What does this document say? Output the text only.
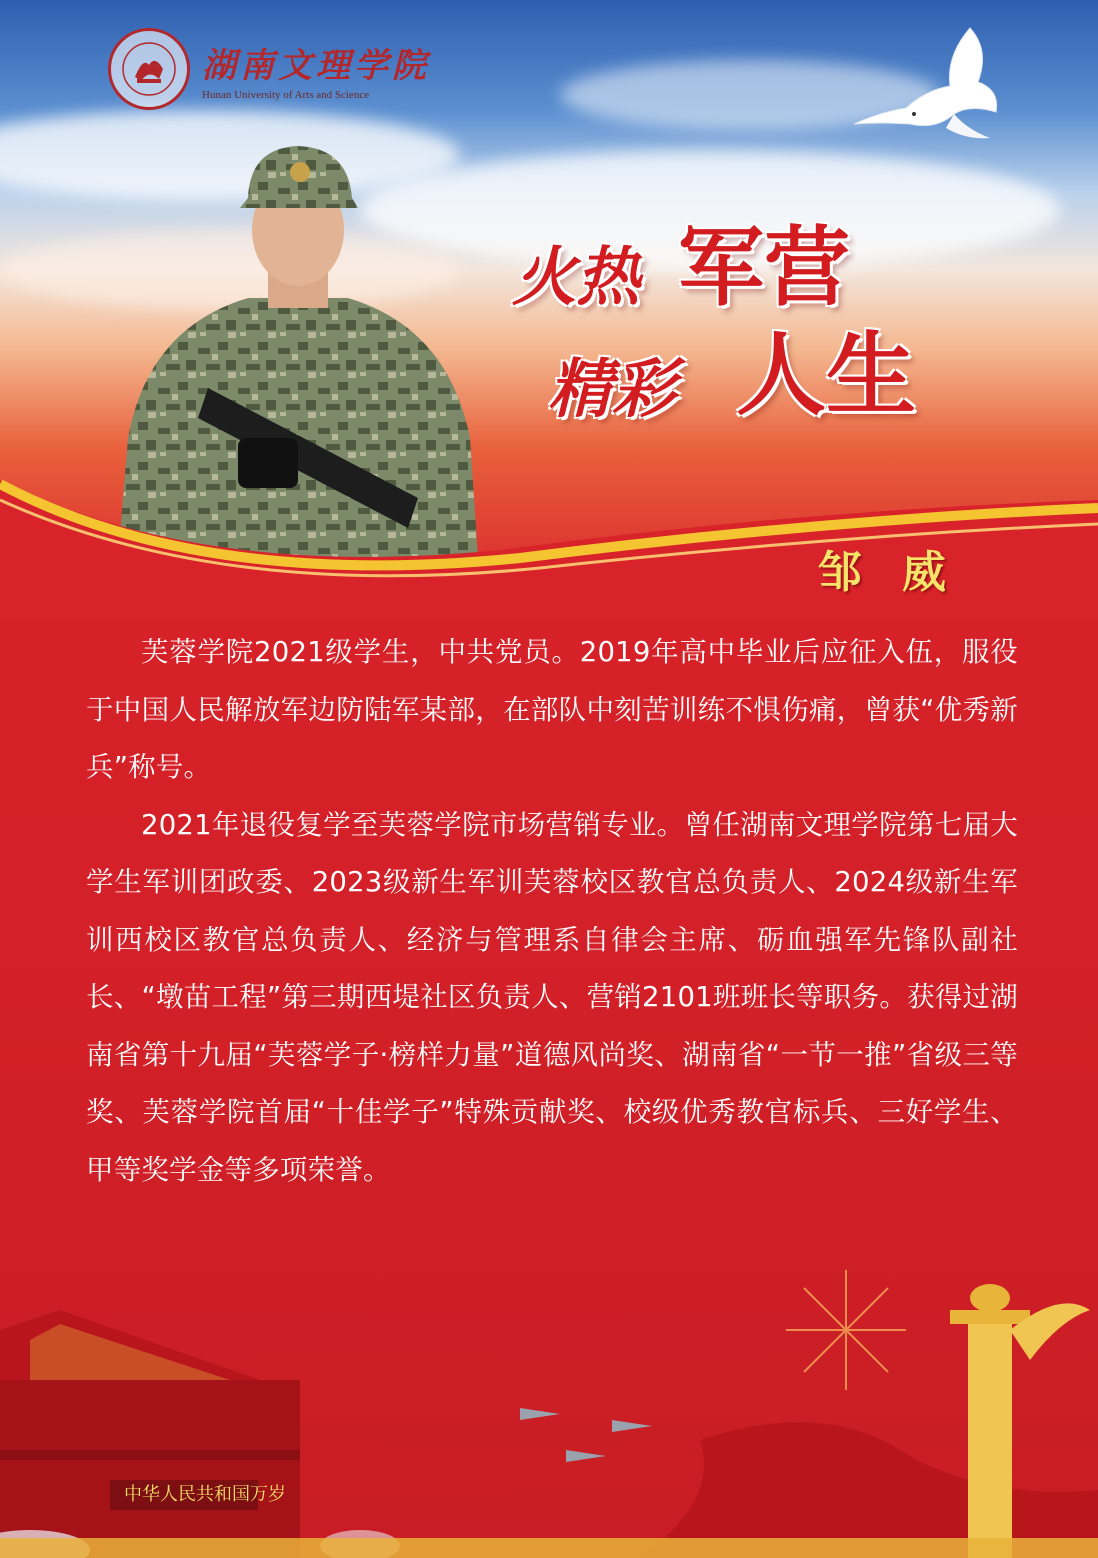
湖南文理学院
Hunan University of Arts and Science
火热 军营
精彩 人生
邹威

芙蓉学院2021级学生，中共党员。2019年高中毕业后应征入伍，服役于中国人民解放军边防陆军某部，在部队中刻苦训练不惧伤痛，曾获“优秀新兵”称号。

2021年退役复学至芙蓉学院市场营销专业。曾任湖南文理学院第七届大学生军训团政委、2023级新生军训芙蓉校区教官总负责人、2024级新生军训西校区教官总负责人、经济与管理系自律会主席、砺血强军先锋队副社长、“墩苗工程”第三期西堤社区负责人、营销2101班班长等职务。获得过湖南省第十九届“芙蓉学子·榜样力量”道德风尚奖、湖南省“一节一推”省级三等奖、芙蓉学院首届“十佳学子”特殊贡献奖、校级优秀教官标兵、三好学生、甲等奖学金等多项荣誉。

中华人民共和国万岁
